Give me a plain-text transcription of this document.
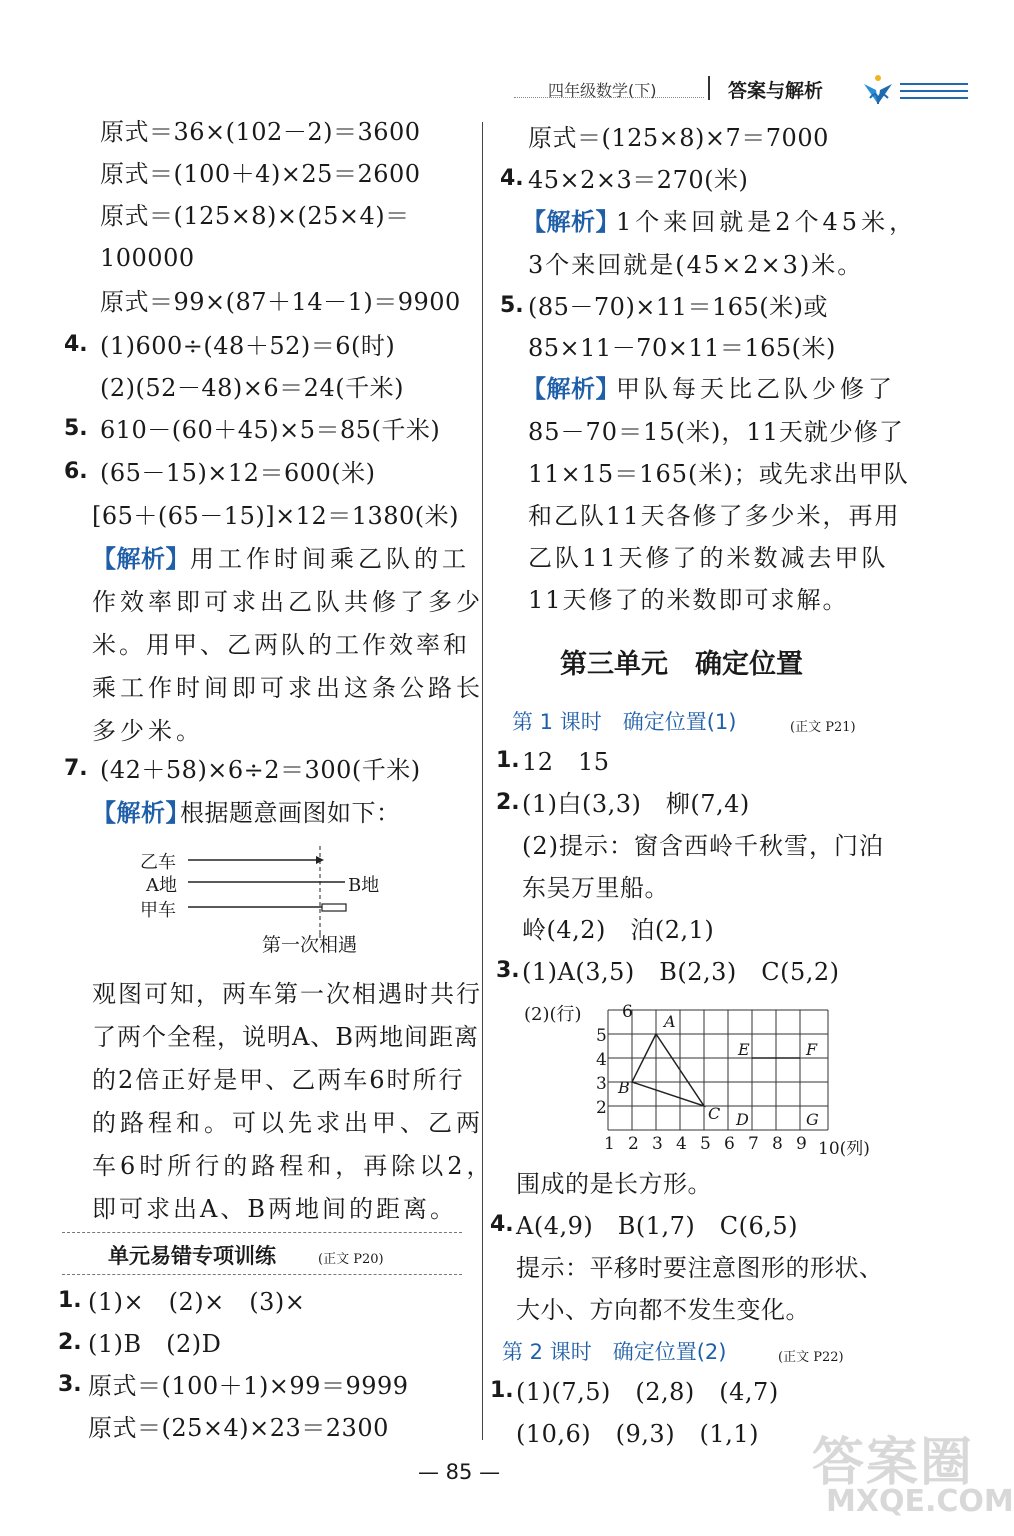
四年级数学(下)	答案与解析
原式＝36×(102－2)＝3600
原式＝(100＋4)×25＝2600
原式＝(125×8)×(25×4)＝
100000
原式＝99×(87＋14－1)＝9900
4. (1)600÷(48＋52)＝6(时)
(2)(52－48)×6＝24(千米)
5. 610－(60＋45)×5＝85(千米)
6. (65－15)×12＝600(米)
[65＋(65－15)]×12＝1380(米)
【解析】 用工作时间乘乙队的工
作效率即可求出乙队共修了多少
米。用甲、乙两队的工作效率和
乘工作时间即可求出这条公路长
多少米。
7. (42＋58)×6÷2＝300(千米)
【解析】
根据题意画图如下：
乙车
A地
甲车
B地
第一次相遇
观图可知，两车第一次相遇时共行
了两个全程，说明A、B两地间距离
的2倍正好是甲、乙两车6时所行
的路程和。可以先求出甲、乙两
车6时所行的路程和，再除以2，
即可求出A、B两地间的距离。
单元易错专项训练	(正文 P20)
1. (1)×　(2)×　(3)×
2. (1)B　(2)D
3. 原式＝(100＋1)×99＝9999
原式＝(25×4)×23＝2300
原式＝(125×8)×7＝7000
4. 45×2×3＝270(米)
【解析】
1个来回就是2个45米，
3个来回就是(45×2×3)米。
5. (85－70)×11＝165(米)或
85×11－70×11＝165(米)
【解析】
甲队每天比乙队少修了
85－70＝15(米)，11天就少修了
11×15＝165(米)；或先求出甲队
和乙队11天各修了多少米，再用
乙队11天修了的米数减去甲队
11天修了的米数即可求解。
第三单元　确定位置
第 1 课时　确定位置(1)	(正文 P21)
1. 12　15
2. (1)白(3,3)　柳(7,4)
(2)提示：窗含西岭千秋雪，门泊
东吴万里船。
岭(4,2)　泊(2,1)
3. (1)A(3,5)　B(2,3)　C(5,2)
(2)(行)
5
4
3
2
6
1 2 3 4 5 6 7 8 9 10(列)
A
B
C D
E	F
G
围成的是长方形。
4. A(4,9)　B(1,7)　C(6,5)
提示：平移时要注意图形的形状、
大小、方向都不发生变化。
第 2 课时　确定位置(2)	(正文 P22)
1. (1)(7,5)　(2,8)　(4,7)
(10,6)　(9,3)　(1,1)
— 85 —	答案圈
MXQE.COM
